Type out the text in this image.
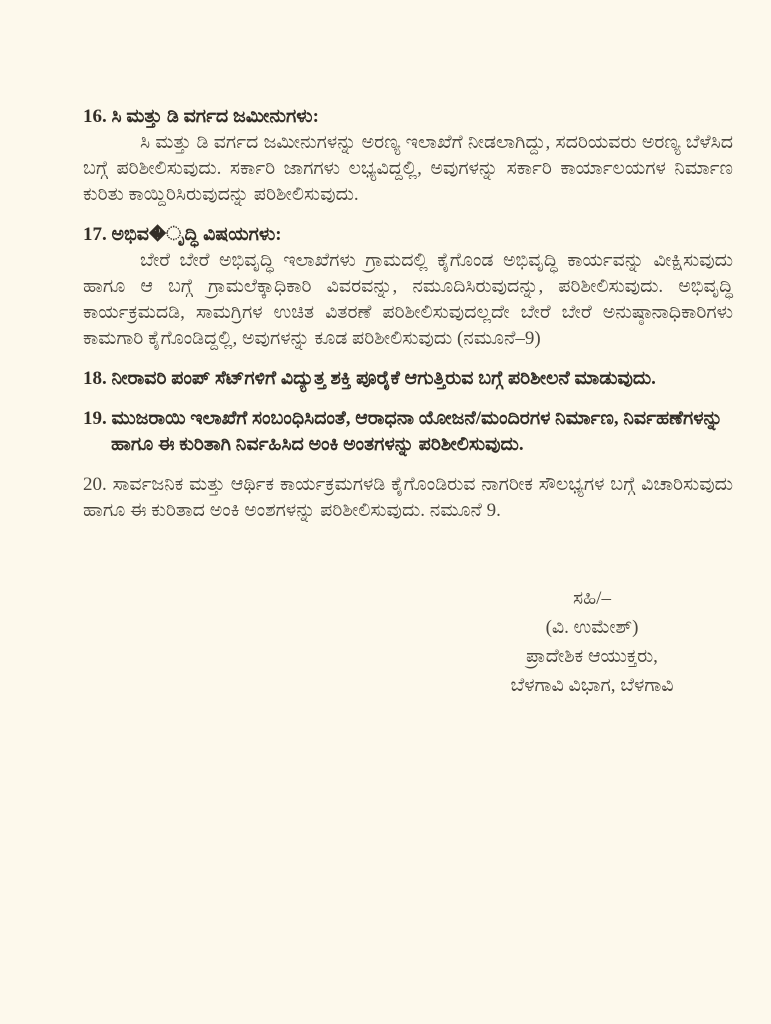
16. ಸಿ ಮತ್ತು ಡಿ ವರ್ಗದ ಜಮೀನುಗಳು:

ಸಿ ಮತ್ತು ಡಿ ವರ್ಗದ ಜಮೀನುಗಳನ್ನು ಅರಣ್ಯ ಇಲಾಖೆಗೆ ನೀಡಲಾಗಿದ್ದು, ಸದರಿಯವರು ಅರಣ್ಯ ಬೆಳೆಸಿದ ಬಗ್ಗೆ ಪರಿಶೀಲಿಸುವುದು. ಸರ್ಕಾರಿ ಜಾಗಗಳು ಲಭ್ಯವಿದ್ದಲ್ಲಿ, ಅವುಗಳನ್ನು ಸರ್ಕಾರಿ ಕಾರ್ಯಾಲಯಗಳ ನಿರ್ಮಾಣ ಕುರಿತು ಕಾಯ್ದಿರಿಸಿರುವುದನ್ನು ಪರಿಶೀಲಿಸುವುದು.

17. ಅಭಿವ�ೃದ್ಧಿ ವಿಷಯಗಳು:

ಬೇರೆ ಬೇರೆ ಅಭಿವೃದ್ಧಿ ಇಲಾಖೆಗಳು ಗ್ರಾಮದಲ್ಲಿ ಕೈಗೊಂಡ ಅಭಿವೃದ್ಧಿ ಕಾರ್ಯವನ್ನು ವೀಕ್ಷಿಸುವುದು ಹಾಗೂ ಆ ಬಗ್ಗೆ ಗ್ರಾಮಲೆಕ್ಕಾಧಿಕಾರಿ ವಿವರವನ್ನು, ನಮೂದಿಸಿರುವುದನ್ನು, ಪರಿಶೀಲಿಸುವುದು. ಅಭಿವೃದ್ಧಿ ಕಾರ್ಯಕ್ರಮದಡಿ, ಸಾಮಗ್ರಿಗಳ ಉಚಿತ ವಿತರಣೆ ಪರಿಶೀಲಿಸುವುದಲ್ಲದೇ ಬೇರೆ ಬೇರೆ ಅನುಷ್ಠಾನಾಧಿಕಾರಿಗಳು ಕಾಮಗಾರಿ ಕೈಗೊಂಡಿದ್ದಲ್ಲಿ, ಅವುಗಳನ್ನು ಕೂಡ ಪರಿಶೀಲಿಸುವುದು (ನಮೂನೆ–9)

18. ನೀರಾವರಿ ಪಂಪ್ ಸೆಟ್‌ಗಳಿಗೆ ವಿದ್ಯುತ್ತ ಶಕ್ತಿ ಪೂರೈಕೆ ಆಗುತ್ತಿರುವ ಬಗ್ಗೆ ಪರಿಶೀಲನೆ ಮಾಡುವುದು.

19. ಮುಜರಾಯಿ ಇಲಾಖೆಗೆ ಸಂಬಂಧಿಸಿದಂತೆ, ಆರಾಧನಾ ಯೋಜನೆ/ಮಂದಿರಗಳ ನಿರ್ಮಾಣ, ನಿರ್ವಹಣೆಗಳನ್ನು ಹಾಗೂ ಈ ಕುರಿತಾಗಿ ನಿರ್ವಹಿಸಿದ ಅಂಕಿ ಅಂತಗಳನ್ನು ಪರಿಶೀಲಿಸುವುದು.

20. ಸಾರ್ವಜನಿಕ ಮತ್ತು ಆರ್ಥಿಕ ಕಾರ್ಯಕ್ರಮಗಳಡಿ ಕೈಗೊಂಡಿರುವ ನಾಗರೀಕ ಸೌಲಭ್ಯಗಳ ಬಗ್ಗೆ ವಿಚಾರಿಸುವುದು ಹಾಗೂ ಈ ಕುರಿತಾದ ಅಂಕಿ ಅಂಶಗಳನ್ನು ಪರಿಶೀಲಿಸುವುದು. ನಮೂನೆ 9.

ಸಹಿ/–
(ವಿ. ಉಮೇಶ್)
ಪ್ರಾದೇಶಿಕ ಆಯುಕ್ತರು,
ಬೆಳಗಾವಿ ವಿಭಾಗ, ಬೆಳಗಾವಿ
